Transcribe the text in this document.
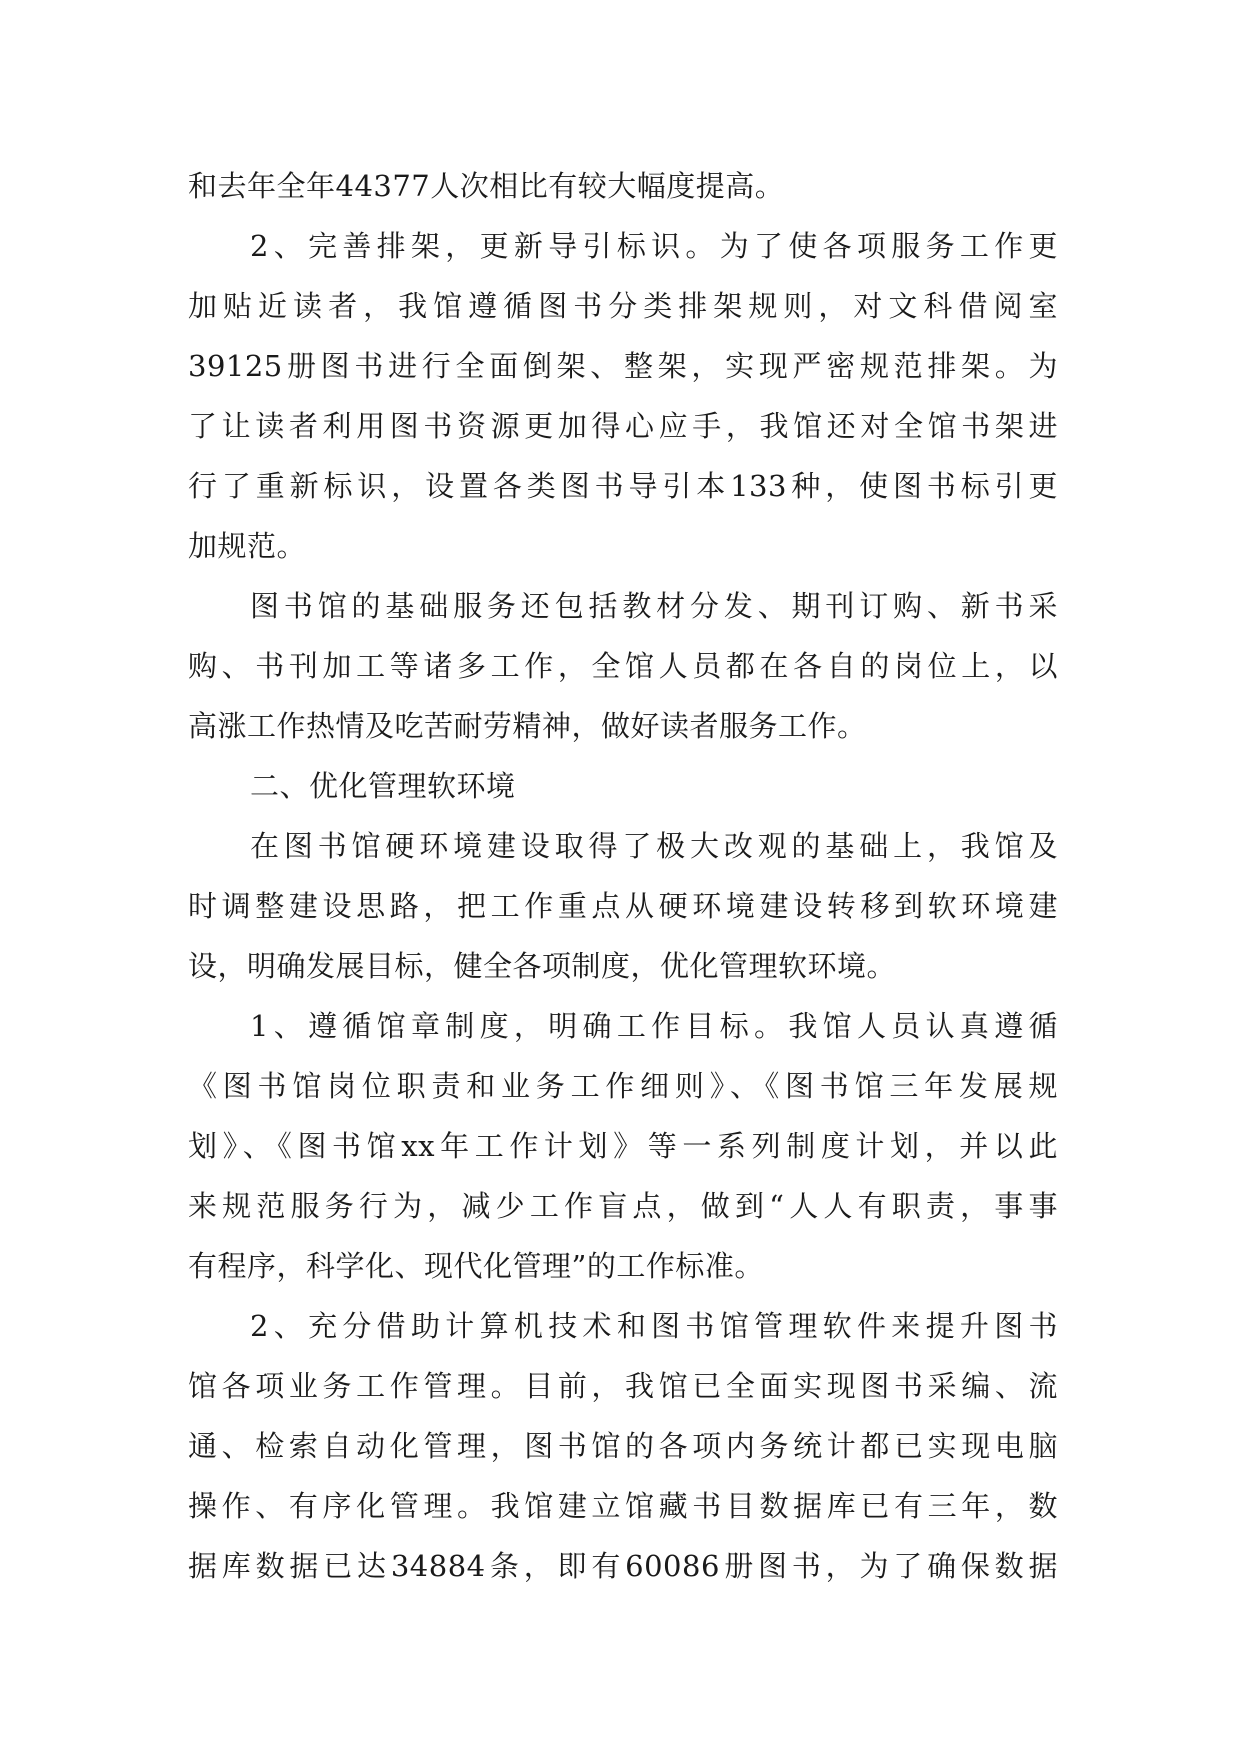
和去年全年44377人次相比有较大幅度提高。
2、完善排架，更新导引标识。为了使各项服务工作更
加贴近读者，我馆遵循图书分类排架规则，对文科借阅室
39125册图书进行全面倒架、整架，实现严密规范排架。为
了让读者利用图书资源更加得心应手，我馆还对全馆书架进
行了重新标识，设置各类图书导引本133种，使图书标引更
加规范。
图书馆的基础服务还包括教材分发、期刊订购、新书采
购、书刊加工等诸多工作，全馆人员都在各自的岗位上，以
高涨工作热情及吃苦耐劳精神，做好读者服务工作。
二、优化管理软环境
在图书馆硬环境建设取得了极大改观的基础上，我馆及
时调整建设思路，把工作重点从硬环境建设转移到软环境建
设，明确发展目标，健全各项制度，优化管理软环境。
1、遵循馆章制度，明确工作目标。我馆人员认真遵循
《图书馆岗位职责和业务工作细则》、《图书馆三年发展规
划》、《图书馆xx年工作计划》等一系列制度计划，并以此
来规范服务行为，减少工作盲点，做到“人人有职责，事事
有程序，科学化、现代化管理”的工作标准。
2、充分借助计算机技术和图书馆管理软件来提升图书
馆各项业务工作管理。目前，我馆已全面实现图书采编、流
通、检索自动化管理，图书馆的各项内务统计都已实现电脑
操作、有序化管理。我馆建立馆藏书目数据库已有三年，数
据库数据已达34884条，即有60086册图书，为了确保数据
